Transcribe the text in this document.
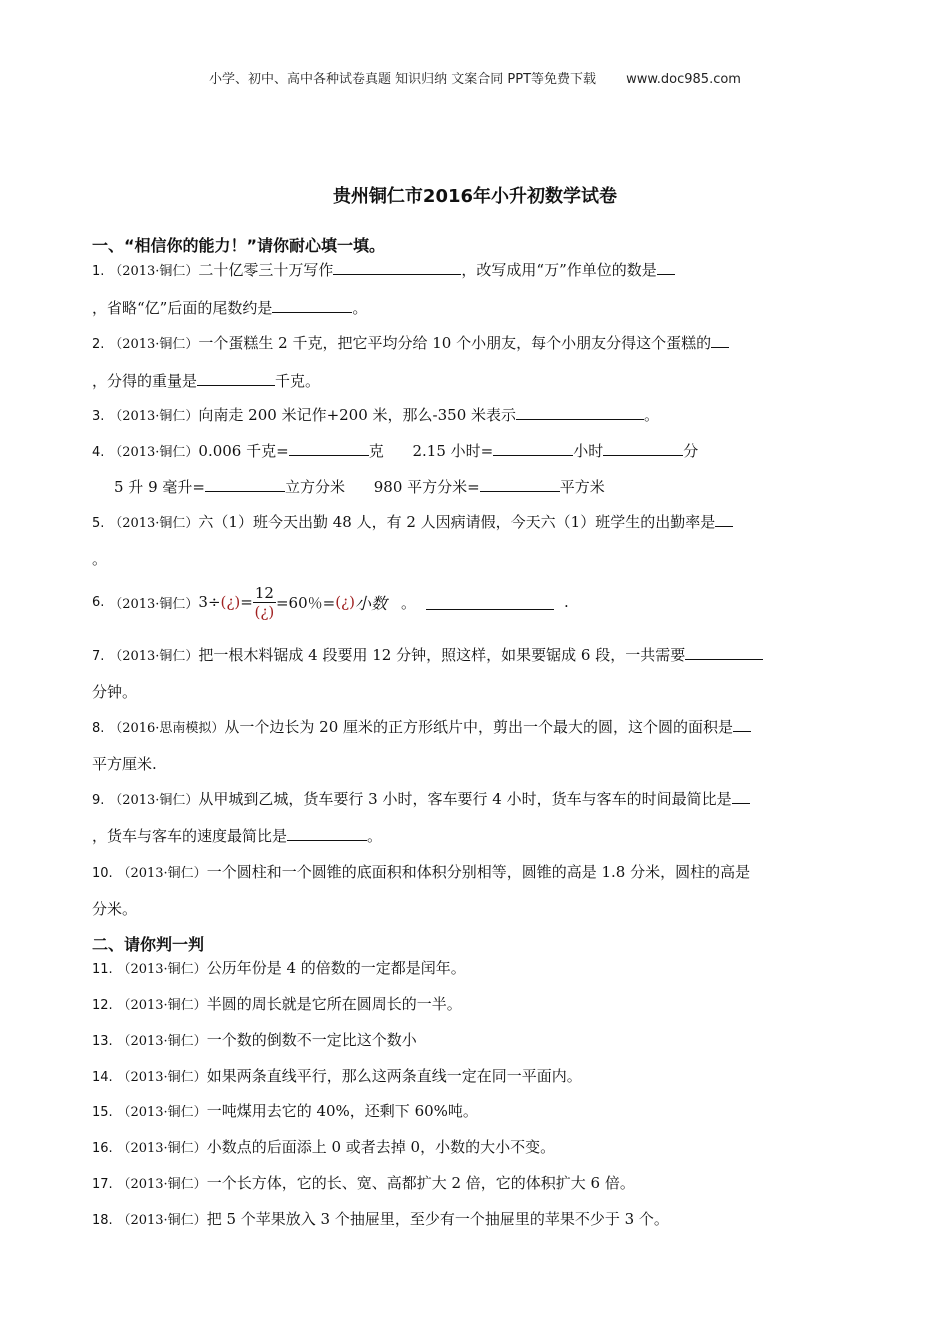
小学、初中、高中各种试卷真题 知识归纳 文案合同 PPT等免费下载 www.doc985.com
贵州铜仁市2016年小升初数学试卷
一、“相信你的能力！”请你耐心填一填。
1. （2013·铜仁）二十亿零三十万写作	，改写成用“万”作单位的数是
，省略“亿”后面的尾数约是	。
2. （2013·铜仁）一个蛋糕生 2 千克，把它平均分给 10 个小朋友，每个小朋友分得这个蛋糕的
，分得的重量是	千克。
3. （2013·铜仁）向南走 200 米记作+200 米，那么-350 米表示	。
4. （2013·铜仁）0.006 千克=	克 2.15 小时=	小时	分
5 升 9 毫升=	立方分米 980 平方分米=	平方米
5. （2013·铜仁）六（1）班今天出勤 48 人，有 2 人因病请假，今天六（1）班学生的出勤率是
。
6.
（2013·铜仁） 3÷ (¿) = $\frac{12}{(¿)} =60$％= (¿) 小数 。	.
7. （2013·铜仁）把一根木料锯成 4 段要用 12 分钟，照这样，如果要锯成 6 段，一共需要
分钟。
8. （2016·思南模拟）从一个边长为 20 厘米的正方形纸片中，剪出一个最大的圆，这个圆的面积是
平方厘米.
9. （2013·铜仁）从甲城到乙城，货车要行 3 小时，客车要行 4 小时，货车与客车的时间最简比是
，货车与客车的速度最简比是	。
10. （2013·铜仁）一个圆柱和一个圆锥的底面积和体积分别相等，圆锥的高是 1.8 分米，圆柱的高是
分米。
二、请你判一判
11. （2013·铜仁）公历年份是 4 的倍数的一定都是闰年。
12. （2013·铜仁）半圆的周长就是它所在圆周长的一半。
13. （2013·铜仁）一个数的倒数不一定比这个数小
14. （2013·铜仁）如果两条直线平行，那么这两条直线一定在同一平面内。
15. （2013·铜仁）一吨煤用去它的 40%，还剩下 60%吨。
16. （2013·铜仁）小数点的后面添上 0 或者去掉 0，小数的大小不变。
17. （2013·铜仁）一个长方体，它的长、宽、高都扩大 2 倍，它的体积扩大 6 倍。
18. （2013·铜仁）把 5 个苹果放入 3 个抽屉里，至少有一个抽屉里的苹果不少于 3 个。
